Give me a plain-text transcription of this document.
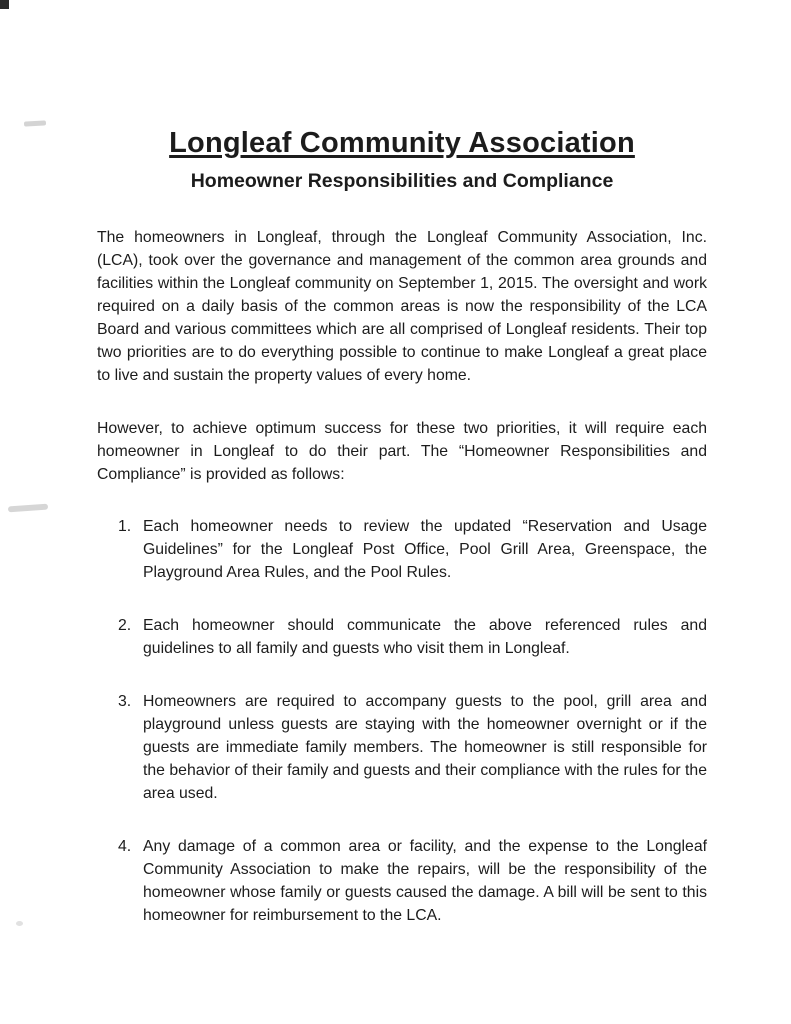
Longleaf Community Association
Homeowner Responsibilities and Compliance

The homeowners in Longleaf, through the Longleaf Community Association, Inc. (LCA), took over the governance and management of the common area grounds and facilities within the Longleaf community on September 1, 2015. The oversight and work required on a daily basis of the common areas is now the responsibility of the LCA Board and various committees which are all comprised of Longleaf residents. Their top two priorities are to do everything possible to continue to make Longleaf a great place to live and sustain the property values of every home.

However, to achieve optimum success for these two priorities, it will require each homeowner in Longleaf to do their part. The “Homeowner Responsibilities and Compliance” is provided as follows:

1. Each homeowner needs to review the updated “Reservation and Usage Guidelines” for the Longleaf Post Office, Pool Grill Area, Greenspace, the Playground Area Rules, and the Pool Rules.
2. Each homeowner should communicate the above referenced rules and guidelines to all family and guests who visit them in Longleaf.
3. Homeowners are required to accompany guests to the pool, grill area and playground unless guests are staying with the homeowner overnight or if the guests are immediate family members. The homeowner is still responsible for the behavior of their family and guests and their compliance with the rules for the area used.
4. Any damage of a common area or facility, and the expense to the Longleaf Community Association to make the repairs, will be the responsibility of the homeowner whose family or guests caused the damage. A bill will be sent to this homeowner for reimbursement to the LCA.
